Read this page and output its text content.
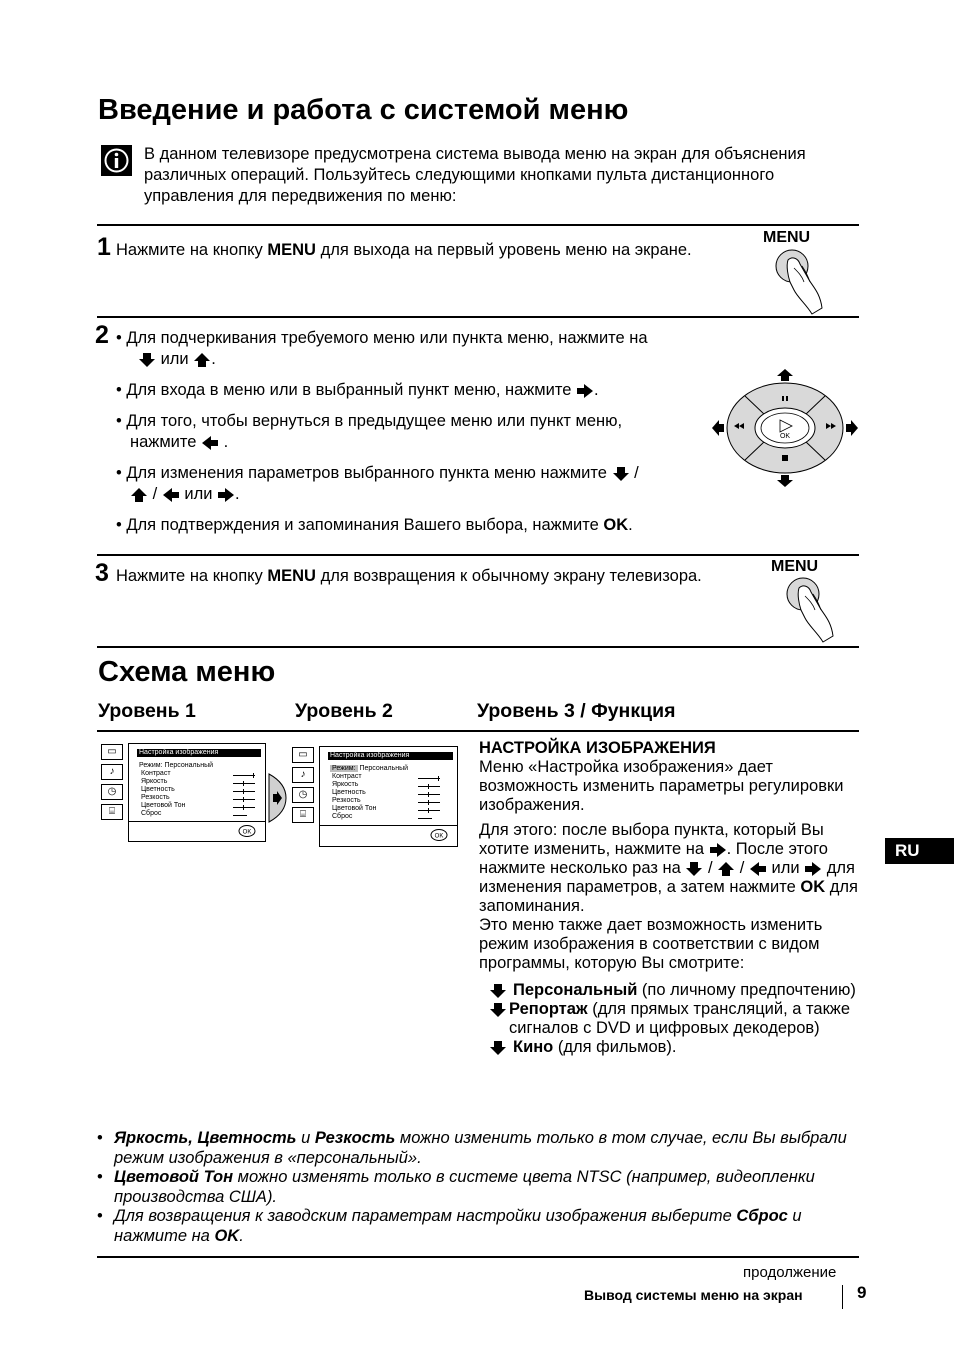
Введение и работа с системой меню
В данном телевизоре предусмотрена система вывода меню на экран для объяснения различных операций. Пользуйтесь следующими кнопками пульта дистанционного управления для передвижения по меню:
1 Нажмите на кнопку MENU для выхода на первый уровень меню на экране.
MENU
2 • Для подчеркивания требуемого меню или пункта меню, нажмите на
или .
• Для входа в меню или в выбранный пункт меню, нажмите .
• Для того, чтобы вернуться в предыдущее меню или пункт меню,
нажмите  .
• Для изменения параметров выбранного пункта меню нажмите  /
/  или .
• Для подтверждения и запоминания Вашего выбора, нажмите OK.
OK
3 Нажмите на кнопку MENU для возвращения к обычному экрану телевизора.
MENU
Схема меню
Уровень 1	Уровень 2	Уровень 3 / Функция
▭
♪
◷
⌸
Настройка изображения
Режим: Персональный
Контраст
Яркость
Цветность
Резкость
Цветовой Тон
Сброс
OK
▭
♪
◷
⌸
Настройка изображения
Режим: Персональный
Контраст
Яркость
Цветность
Резкость
Цветовой Тон
Сброс
OK
НАСТРОЙКА ИЗОБРАЖЕНИЯ
Меню «Настройка изображения» дает возможность изменить параметры регулировки изображения.
Для этого: после выбора пункта, который Вы хотите изменить, нажмите на . После этого нажмите несколько раз на  /  /  или  для изменения параметров, а затем нажмите OK для запоминания.
Это меню также дает возможность изменить режим изображения в соответствии с видом программы, которую Вы смотрите:
Персональный (по личному предпочтению)
Репортаж (для прямых трансляций, а также сигналов с DVD и цифровых декодеров)
Кино (для фильмов).
RU
• Яркость, Цветность и Резкость можно изменить только в том случае, если Вы выбрали режим изображения в «персональный».
• Цветовой Тон можно изменять только в системе цвета NTSC (например, видеопленки производства США).
• Для возвращения к заводским параметрам настройки изображения выберите Сброс и нажмите на OK.
продолжение
Вывод системы меню на экран	9
